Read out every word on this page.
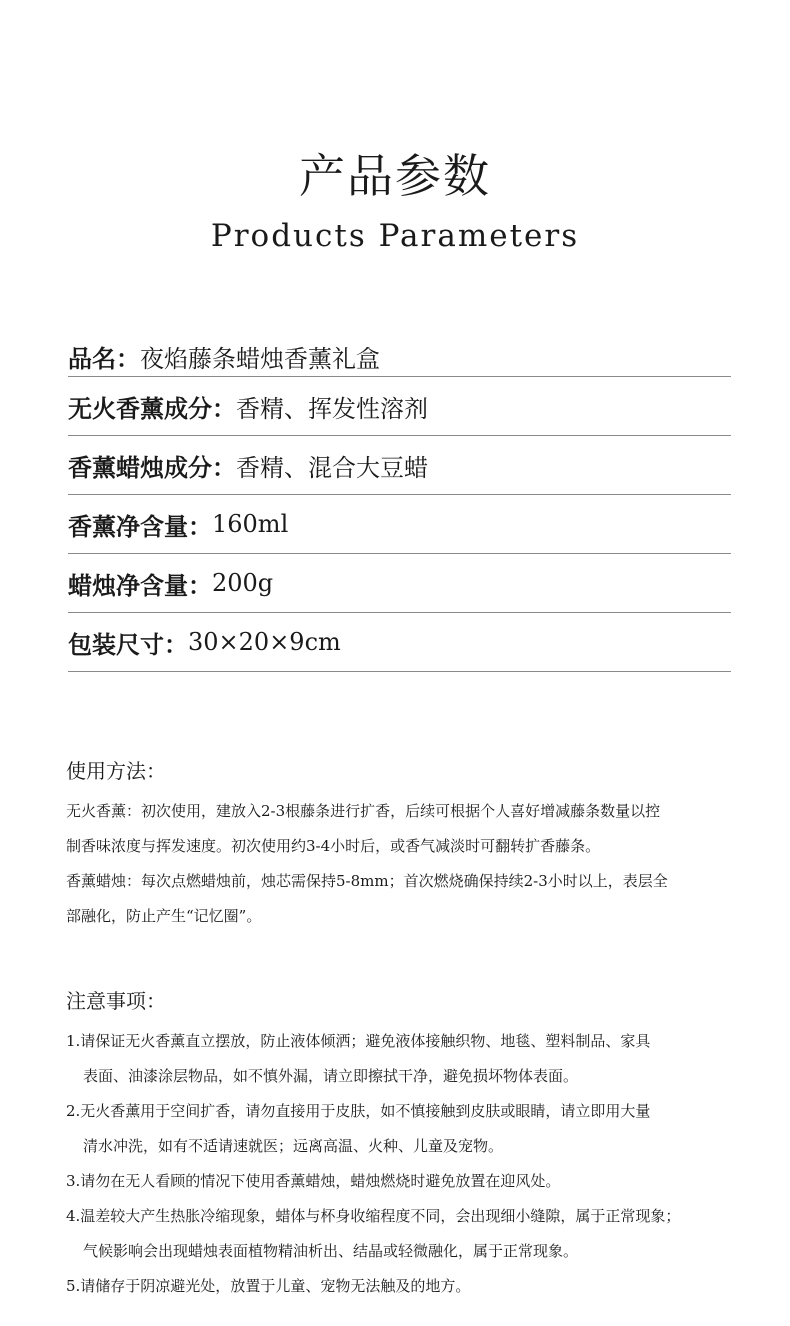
产品参数
Products Parameters
品名： 夜焰藤条蜡烛香薰礼盒
无火香薰成分： 香精、挥发性溶剂
香薰蜡烛成分： 香精、混合大豆蜡
香薰净含量： 160ml
蜡烛净含量： 200g
包装尺寸： 30×20×9cm
使用方法：

无火香薰：初次使用，建放入2-3根藤条进行扩香，后续可根据个人喜好增减藤条数量以控

制香味浓度与挥发速度。初次使用约3-4小时后，或香气减淡时可翻转扩香藤条。

香薰蜡烛：每次点燃蜡烛前，烛芯需保持5-8mm；首次燃烧确保持续2-3小时以上，表层全

部融化，防止产生“记忆圈”。

注意事项：

1.请保证无火香薰直立摆放，防止液体倾洒；避免液体接触织物、地毯、塑料制品、家具

表面、油漆涂层物品，如不慎外漏，请立即擦拭干净，避免损坏物体表面。

2.无火香薰用于空间扩香，请勿直接用于皮肤，如不慎接触到皮肤或眼睛，请立即用大量

清水冲洗，如有不适请速就医；远离高温、火种、儿童及宠物。

3.请勿在无人看顾的情况下使用香薰蜡烛，蜡烛燃烧时避免放置在迎风处。

4.温差较大产生热胀冷缩现象，蜡体与杯身收缩程度不同，会出现细小缝隙，属于正常现象；

气候影响会出现蜡烛表面植物精油析出、结晶或轻微融化，属于正常现象。

5.请储存于阴凉避光处，放置于儿童、宠物无法触及的地方。
